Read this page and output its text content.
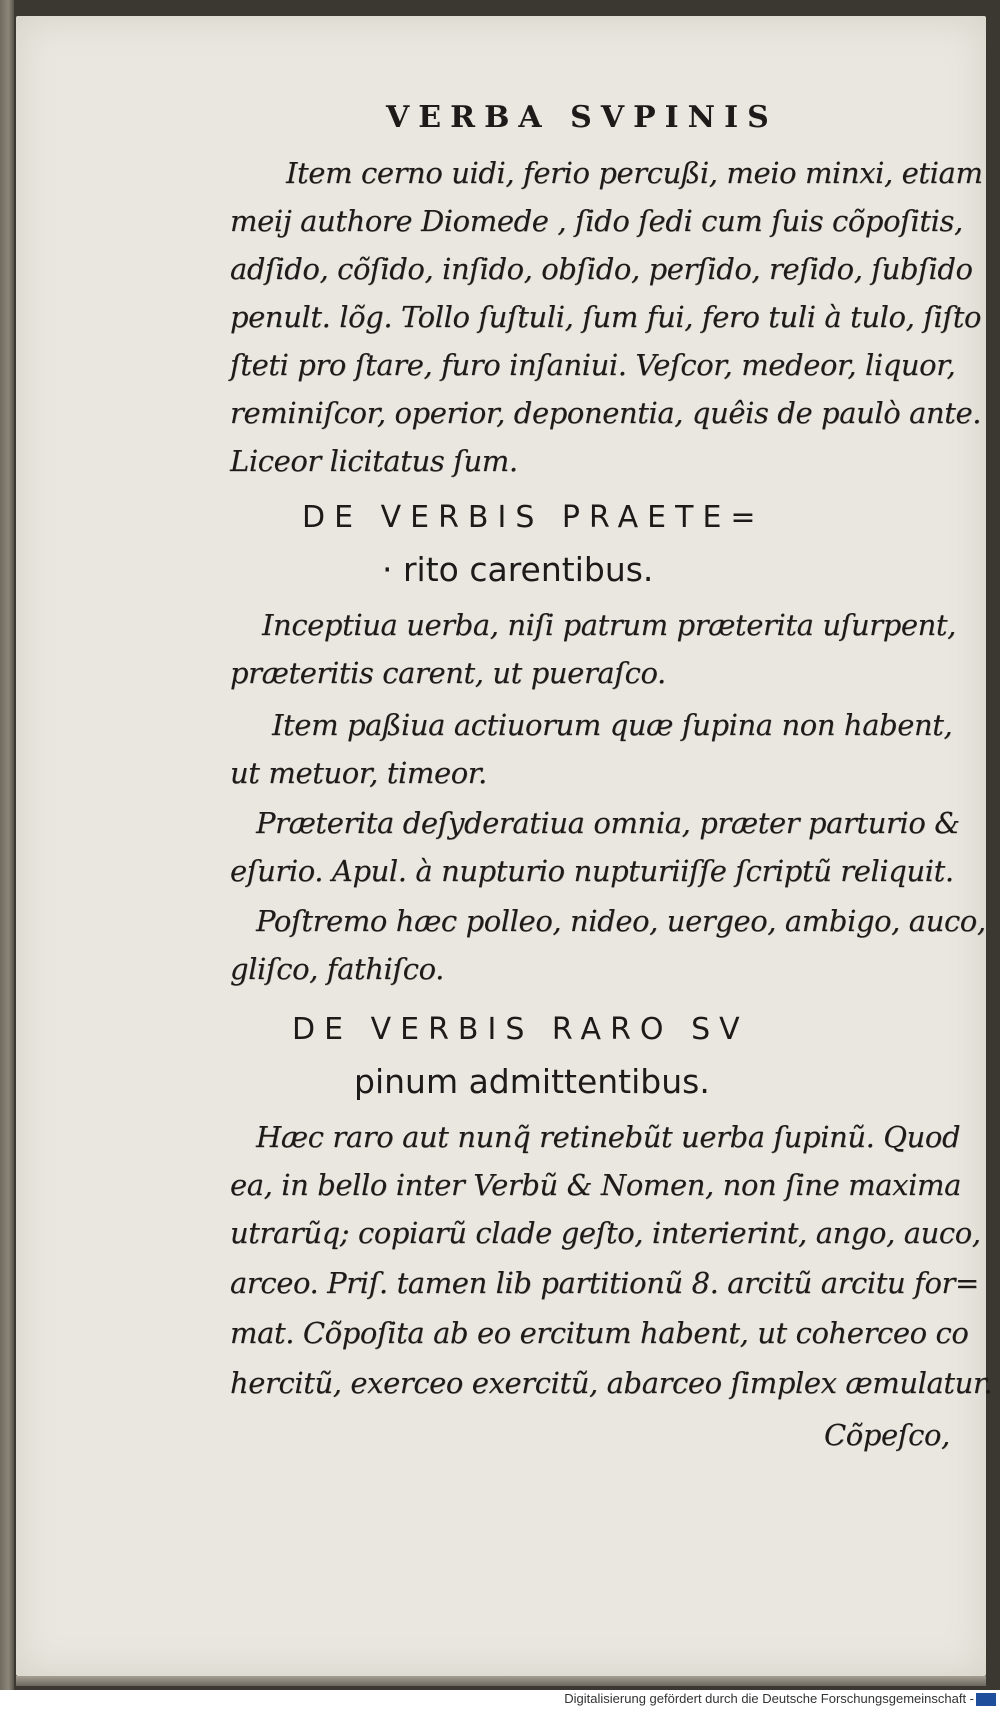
VERBA SVPINIS
Item cerno uidi, ferio percußi, meio minxi, etiam
meij authore Diomede , ſido ſedi cum ſuis cõpoſitis,
adſido, cõſido, inſido, obſido, perſido, reſido, ſubſido
penult. lõg. Tollo ſuſtuli, ſum fui, fero tuli à tulo, ſiſto
ſteti pro ſtare, furo inſaniui. Veſcor, medeor, liquor,
reminiſcor, operior, deponentia, quêis de paulò ante.
Liceor licitatus ſum.
DE VERBIS PRAETE=
· rito carentibus.
Inceptiua uerba, niſi patrum præterita uſurpent,
præteritis carent, ut pueraſco.
Item paßiua actiuorum quæ ſupina non habent,
ut metuor, timeor.
Præterita deſyderatiua omnia, præter parturio &
eſurio. Apul. à nupturio nupturiiſſe ſcriptũ reliquit.
Poſtremo hæc polleo, nideo, uergeo, ambigo, auco,
gliſco, fathiſco.
DE VERBIS RARO SV
pinum admittentibus.
Hæc raro aut nunq̃ retinebũt uerba ſupinũ. Quod
ea, in bello inter Verbũ & Nomen, non ſine maxima
utrarũq; copiarũ clade geſto, interierint, ango, auco,
arceo. Priſ. tamen lib partitionũ 8. arcitũ arcitu for=
mat. Cõpoſita ab eo ercitum habent, ut coherceo co
hercitũ, exerceo exercitũ, abarceo ſimplex æmulatur.
Cõpeſco,
Digitalisierung gefördert durch die Deutsche Forschungsgemeinschaft -
